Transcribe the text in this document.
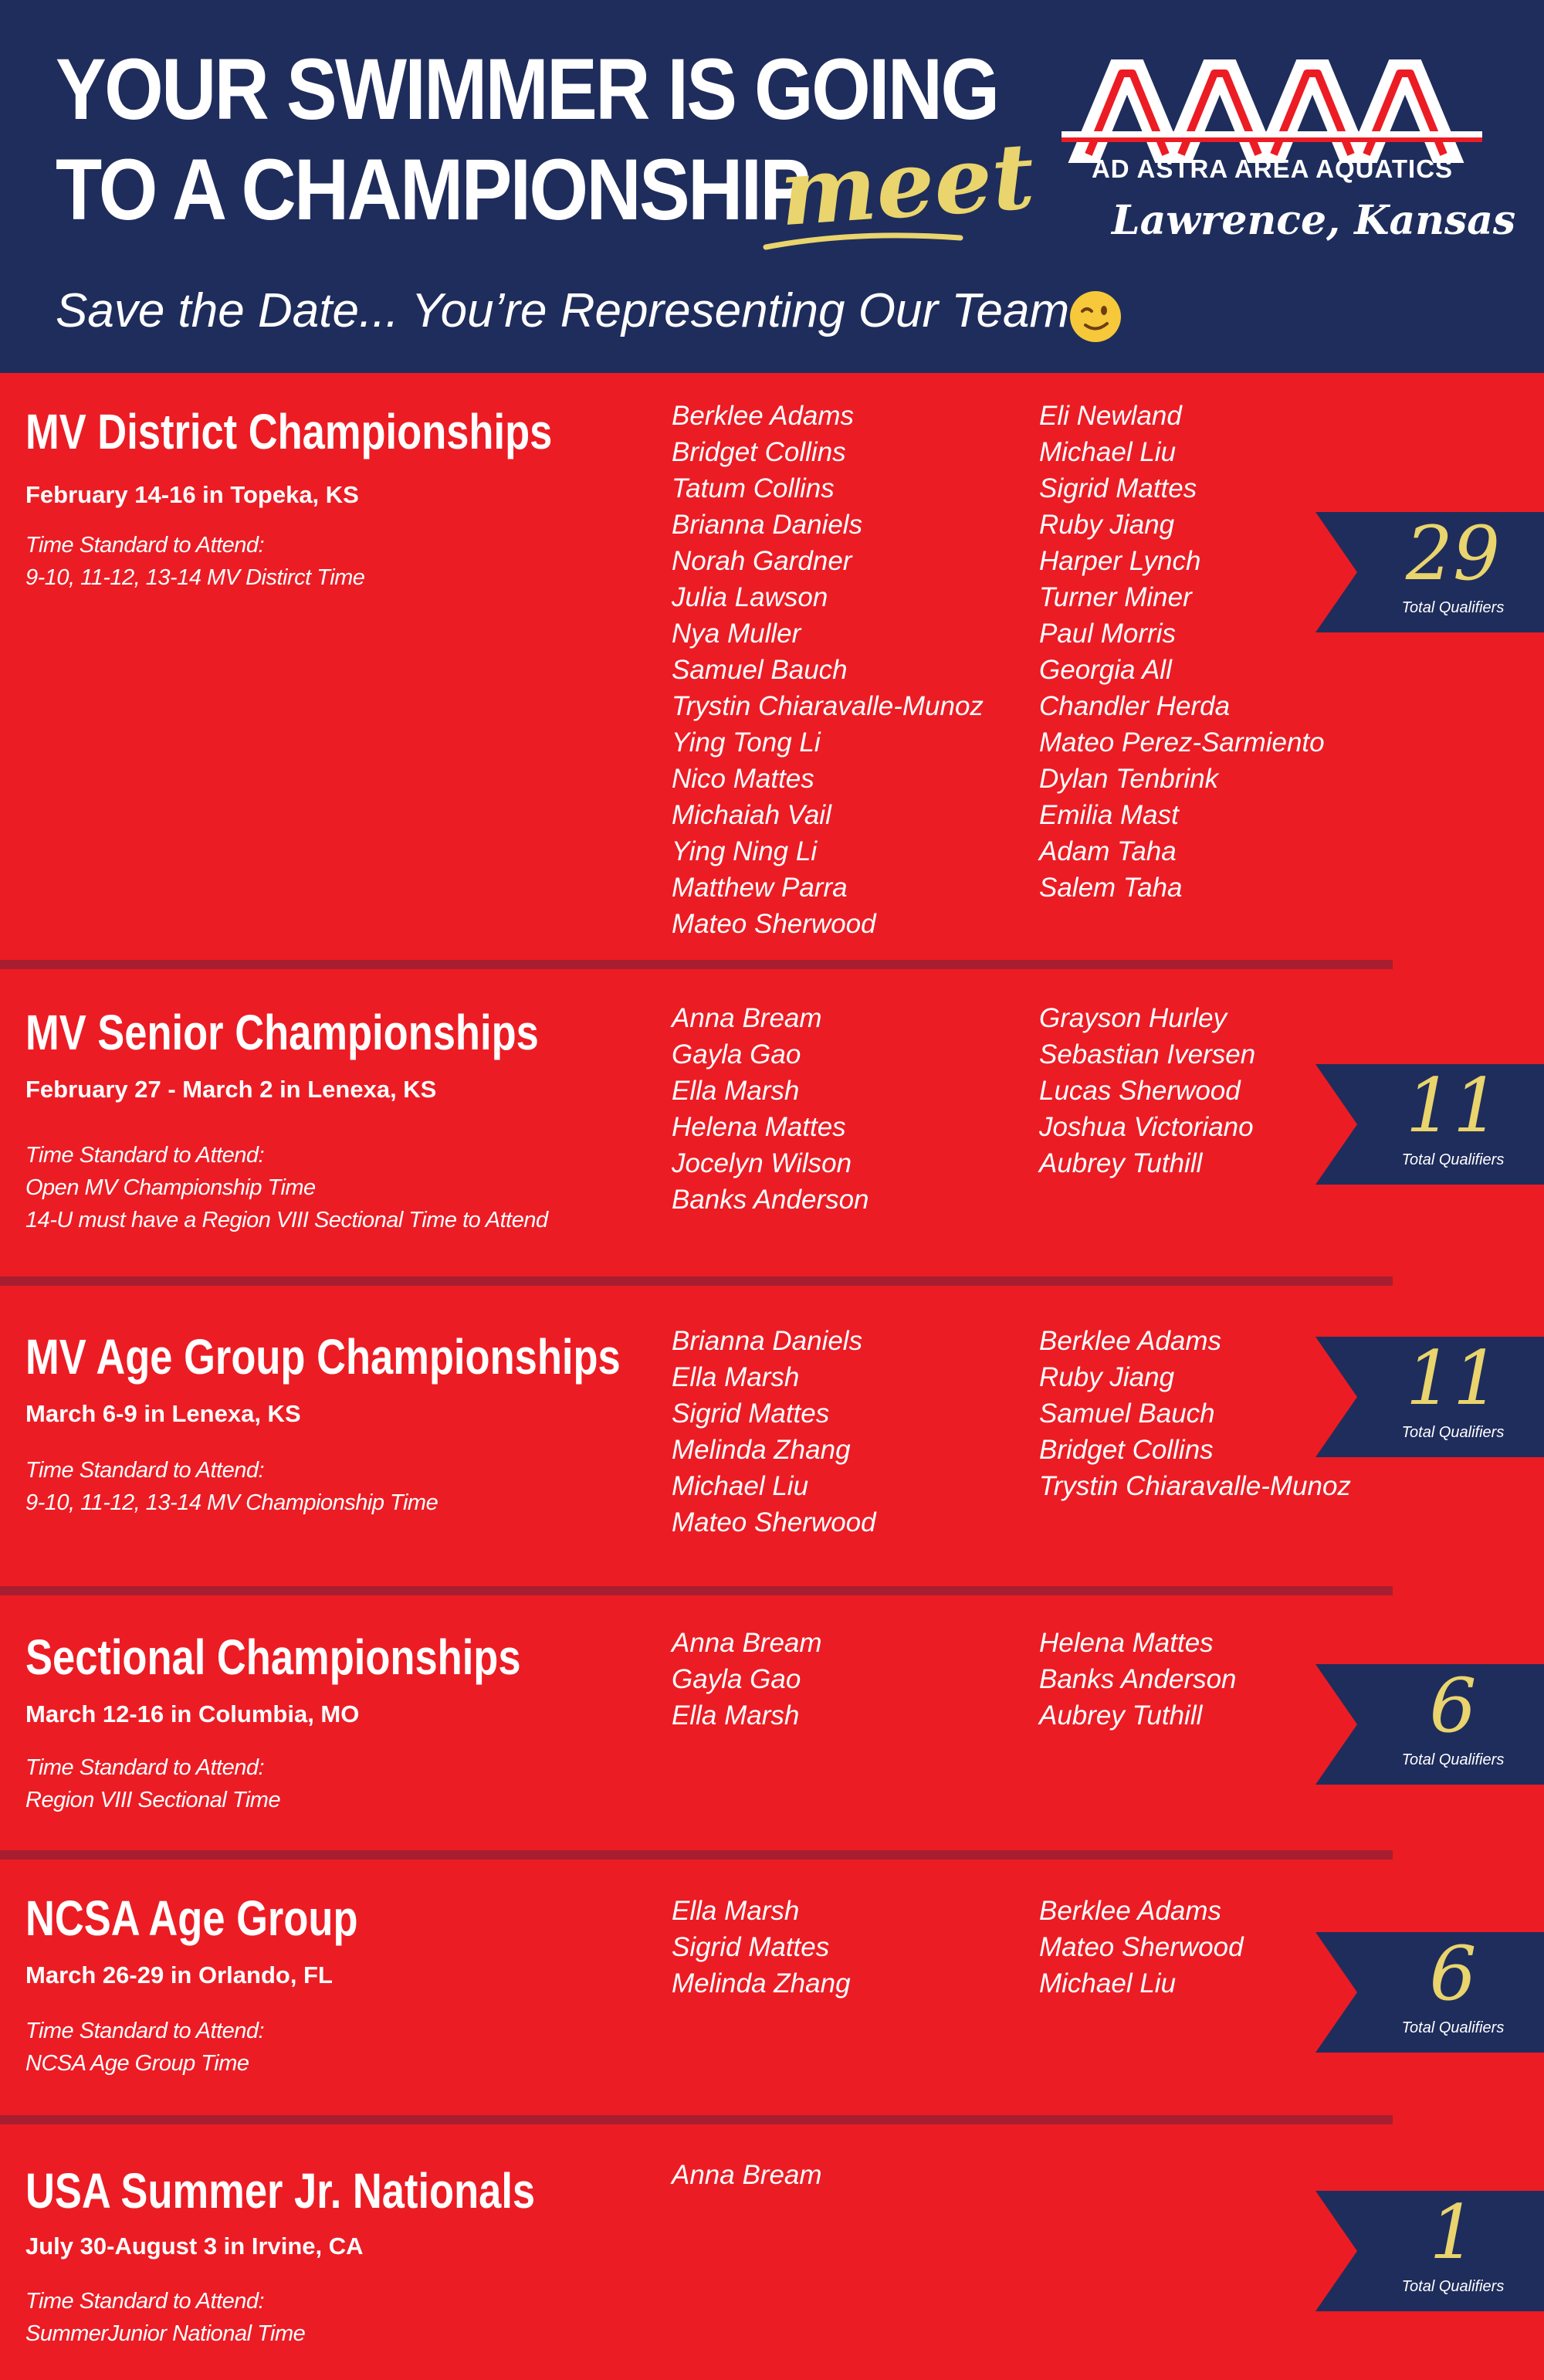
YOUR SWIMMER IS GOING
TO A CHAMPIONSHIP
meet
Save the Date... You’re Representing Our Team
AD ASTRA AREA AQUATICS
Lawrence, Kansas
MV District Championships
February 14-16 in Topeka, KS
Time Standard to Attend:
9-10, 11-12, 13-14 MV Distirct Time
Berklee Adams
Bridget Collins
Tatum Collins
Brianna Daniels
Norah Gardner
Julia Lawson
Nya Muller
Samuel Bauch
Trystin Chiaravalle-Munoz
Ying Tong Li
Nico Mattes
Michaiah Vail
Ying Ning Li
Matthew Parra
Mateo Sherwood
Eli Newland
Michael Liu
Sigrid Mattes
Ruby Jiang
Harper Lynch
Turner Miner
Paul Morris
Georgia All
Chandler Herda
Mateo Perez-Sarmiento
Dylan Tenbrink
Emilia Mast
Adam Taha
Salem Taha
29
Total Qualifiers
MV Senior Championships
February 27 - March 2 in Lenexa, KS
Time Standard to Attend:
Open MV Championship Time
14-U must have a Region VIII Sectional Time to Attend
Anna Bream
Gayla Gao
Ella Marsh
Helena Mattes
Jocelyn Wilson
Banks Anderson
Grayson Hurley
Sebastian Iversen
Lucas Sherwood
Joshua Victoriano
Aubrey Tuthill
11
Total Qualifiers
MV Age Group Championships
March 6-9 in Lenexa, KS
Time Standard to Attend:
9-10, 11-12, 13-14 MV Championship Time
Brianna Daniels
Ella Marsh
Sigrid Mattes
Melinda Zhang
Michael Liu
Mateo Sherwood
Berklee Adams
Ruby Jiang
Samuel Bauch
Bridget Collins
Trystin Chiaravalle-Munoz
11
Total Qualifiers
Sectional Championships
March 12-16 in Columbia, MO
Time Standard to Attend:
Region VIII Sectional Time
Anna Bream
Gayla Gao
Ella Marsh
Helena Mattes
Banks Anderson
Aubrey Tuthill	6
Total Qualifiers
NCSA Age Group
March 26-29 in Orlando, FL
Time Standard to Attend:
NCSA Age Group Time
Ella Marsh
Sigrid Mattes
Melinda Zhang
Berklee Adams
Mateo Sherwood
Michael Liu	6
Total Qualifiers
USA Summer Jr. Nationals
July 30-August 3 in Irvine, CA
Time Standard to Attend:
SummerJunior National Time
Anna Bream
1
Total Qualifiers
